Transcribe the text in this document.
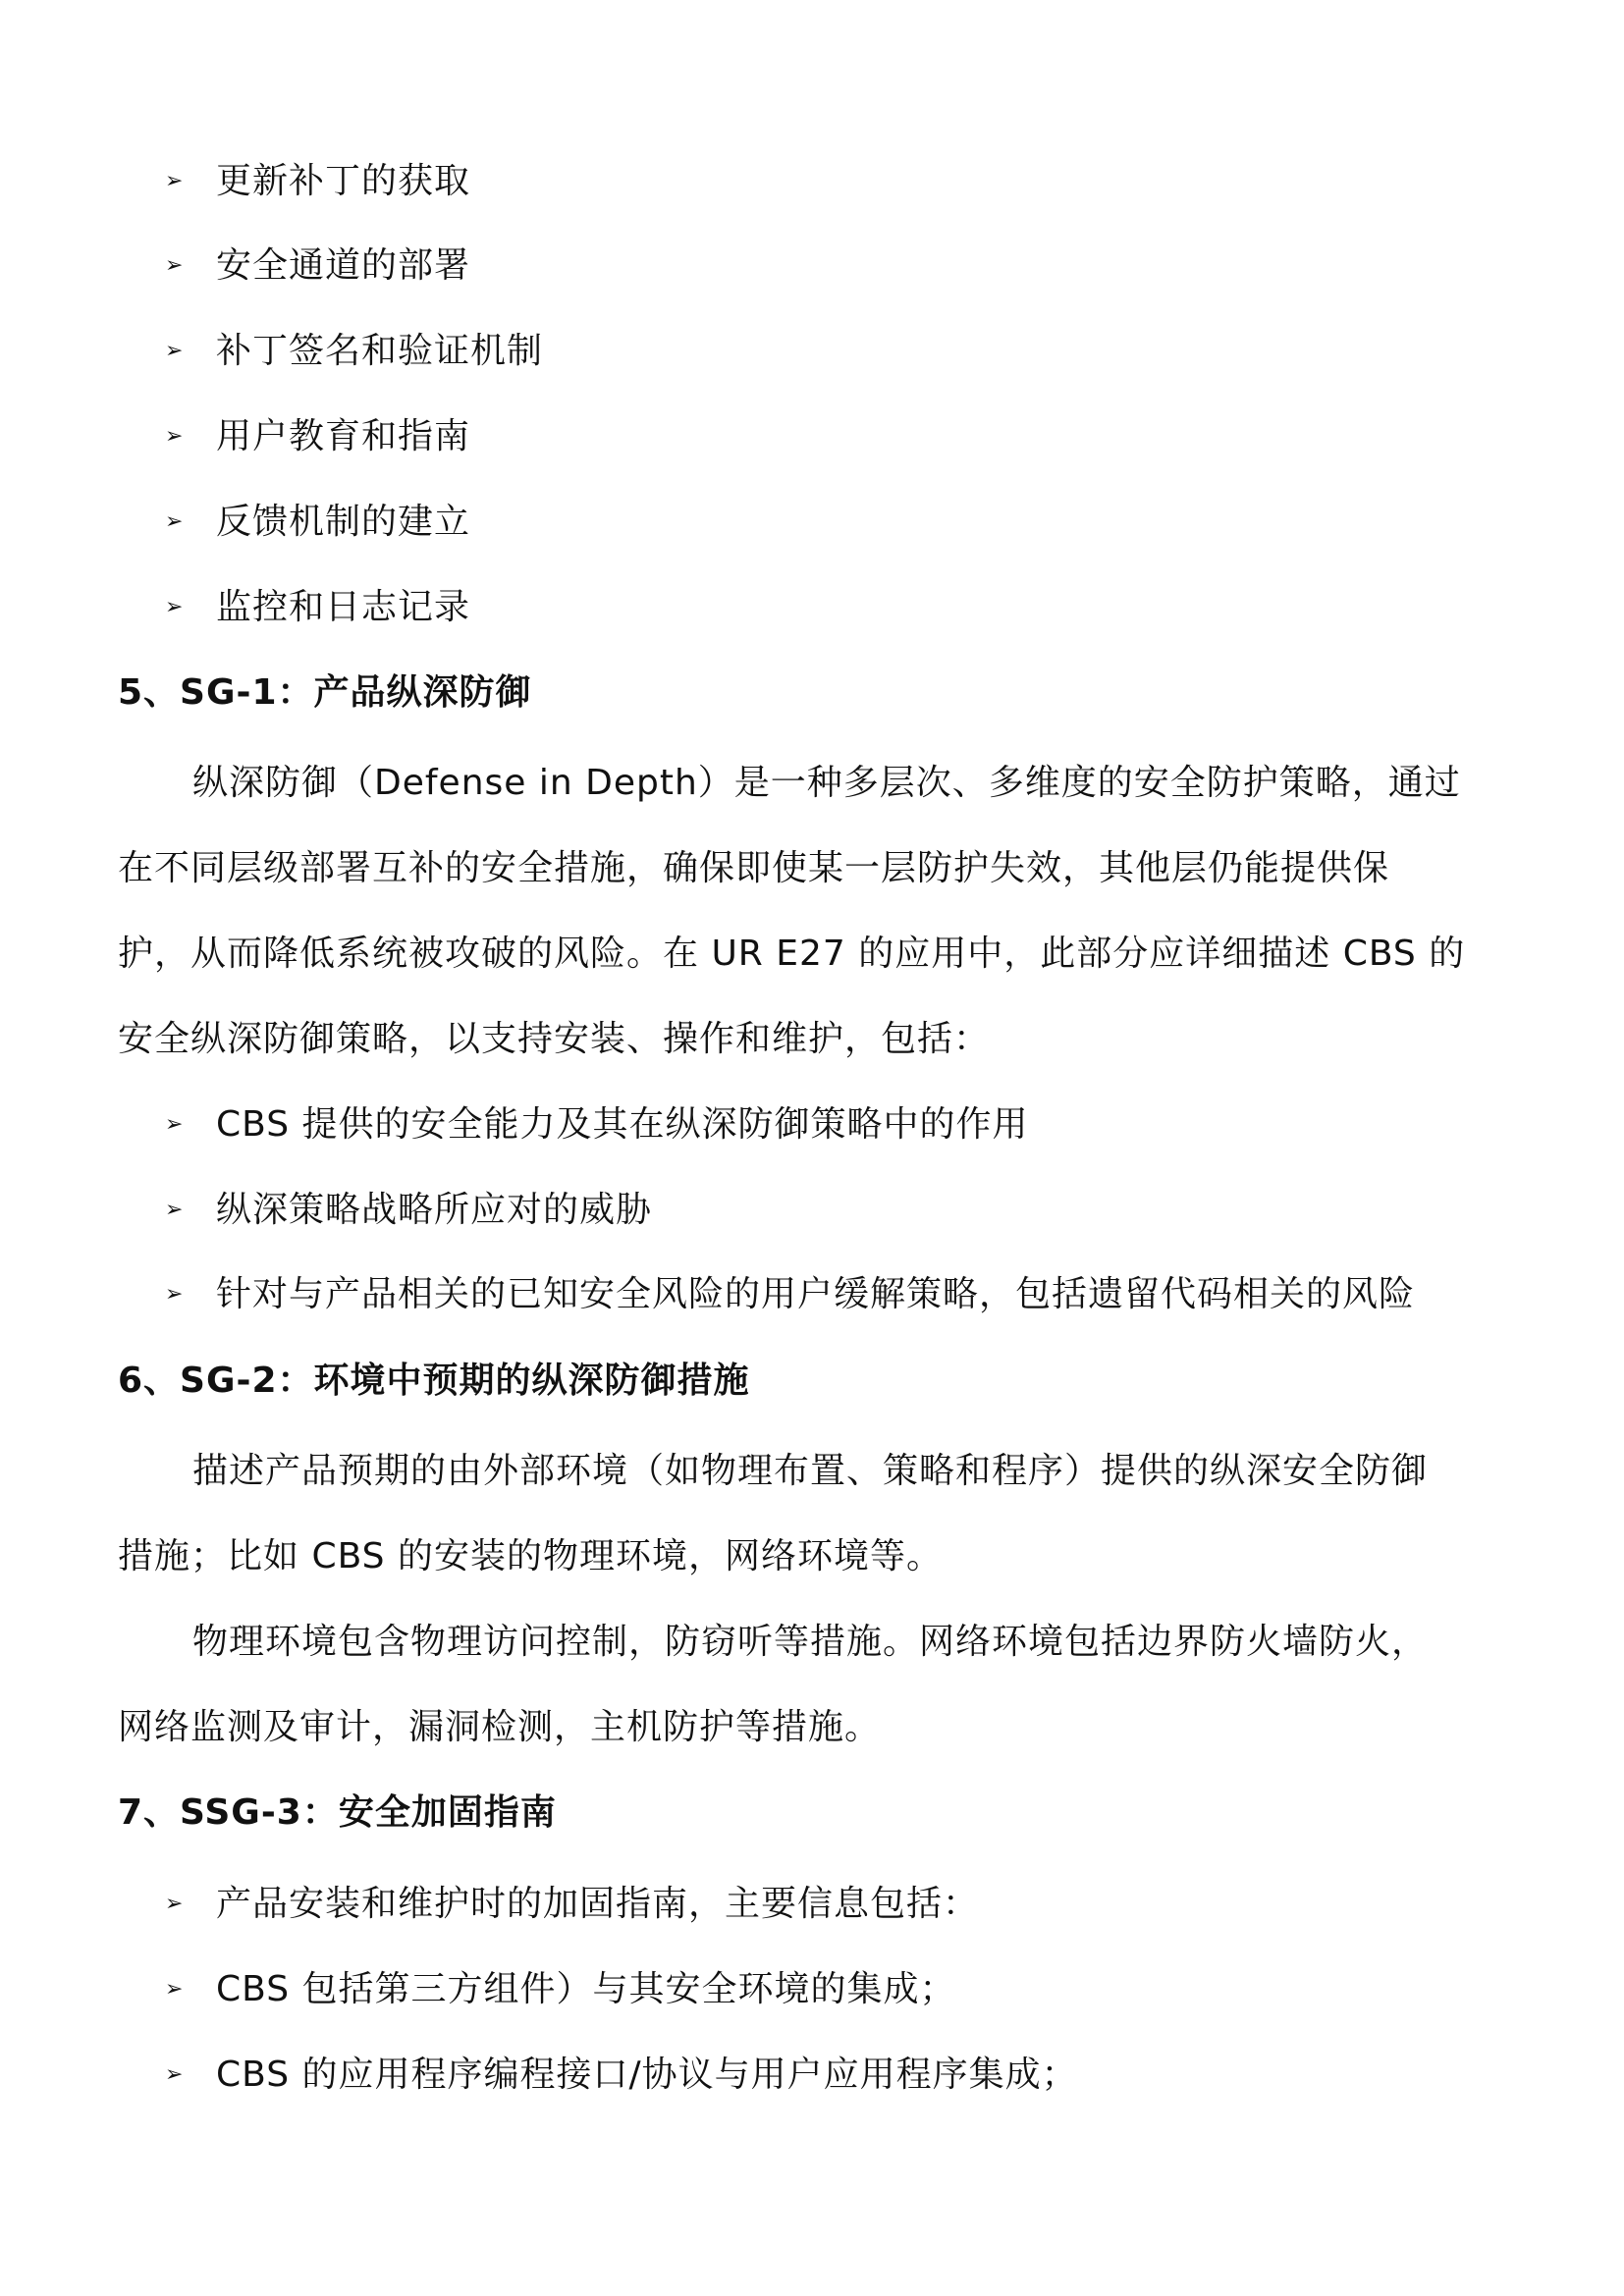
➢ 更新补丁的获取
➢ 安全通道的部署
➢ 补丁签名和验证机制
➢ 用户教育和指南
➢ 反馈机制的建立
➢ 监控和日志记录
5、SG-1：产品纵深防御
纵深防御（Defense in Depth）是一种多层次、多维度的安全防护策略，通过
在不同层级部署互补的安全措施，确保即使某一层防护失效，其他层仍能提供保
护，从而降低系统被攻破的风险。在 UR E27 的应用中，此部分应详细描述 CBS 的
安全纵深防御策略，以支持安装、操作和维护，包括：
➢ CBS 提供的安全能力及其在纵深防御策略中的作用
➢ 纵深策略战略所应对的威胁
➢ 针对与产品相关的已知安全风险的用户缓解策略，包括遗留代码相关的风险
6、SG-2：环境中预期的纵深防御措施
描述产品预期的由外部环境（如物理布置、策略和程序）提供的纵深安全防御
措施；比如 CBS 的安装的物理环境，网络环境等。
物理环境包含物理访问控制，防窃听等措施。网络环境包括边界防火墙防火，
网络监测及审计，漏洞检测，主机防护等措施。
7、SSG-3：安全加固指南
➢ 产品安装和维护时的加固指南，主要信息包括：
➢ CBS 包括第三方组件）与其安全环境的集成；
➢ CBS 的应用程序编程接口/协议与用户应用程序集成；
